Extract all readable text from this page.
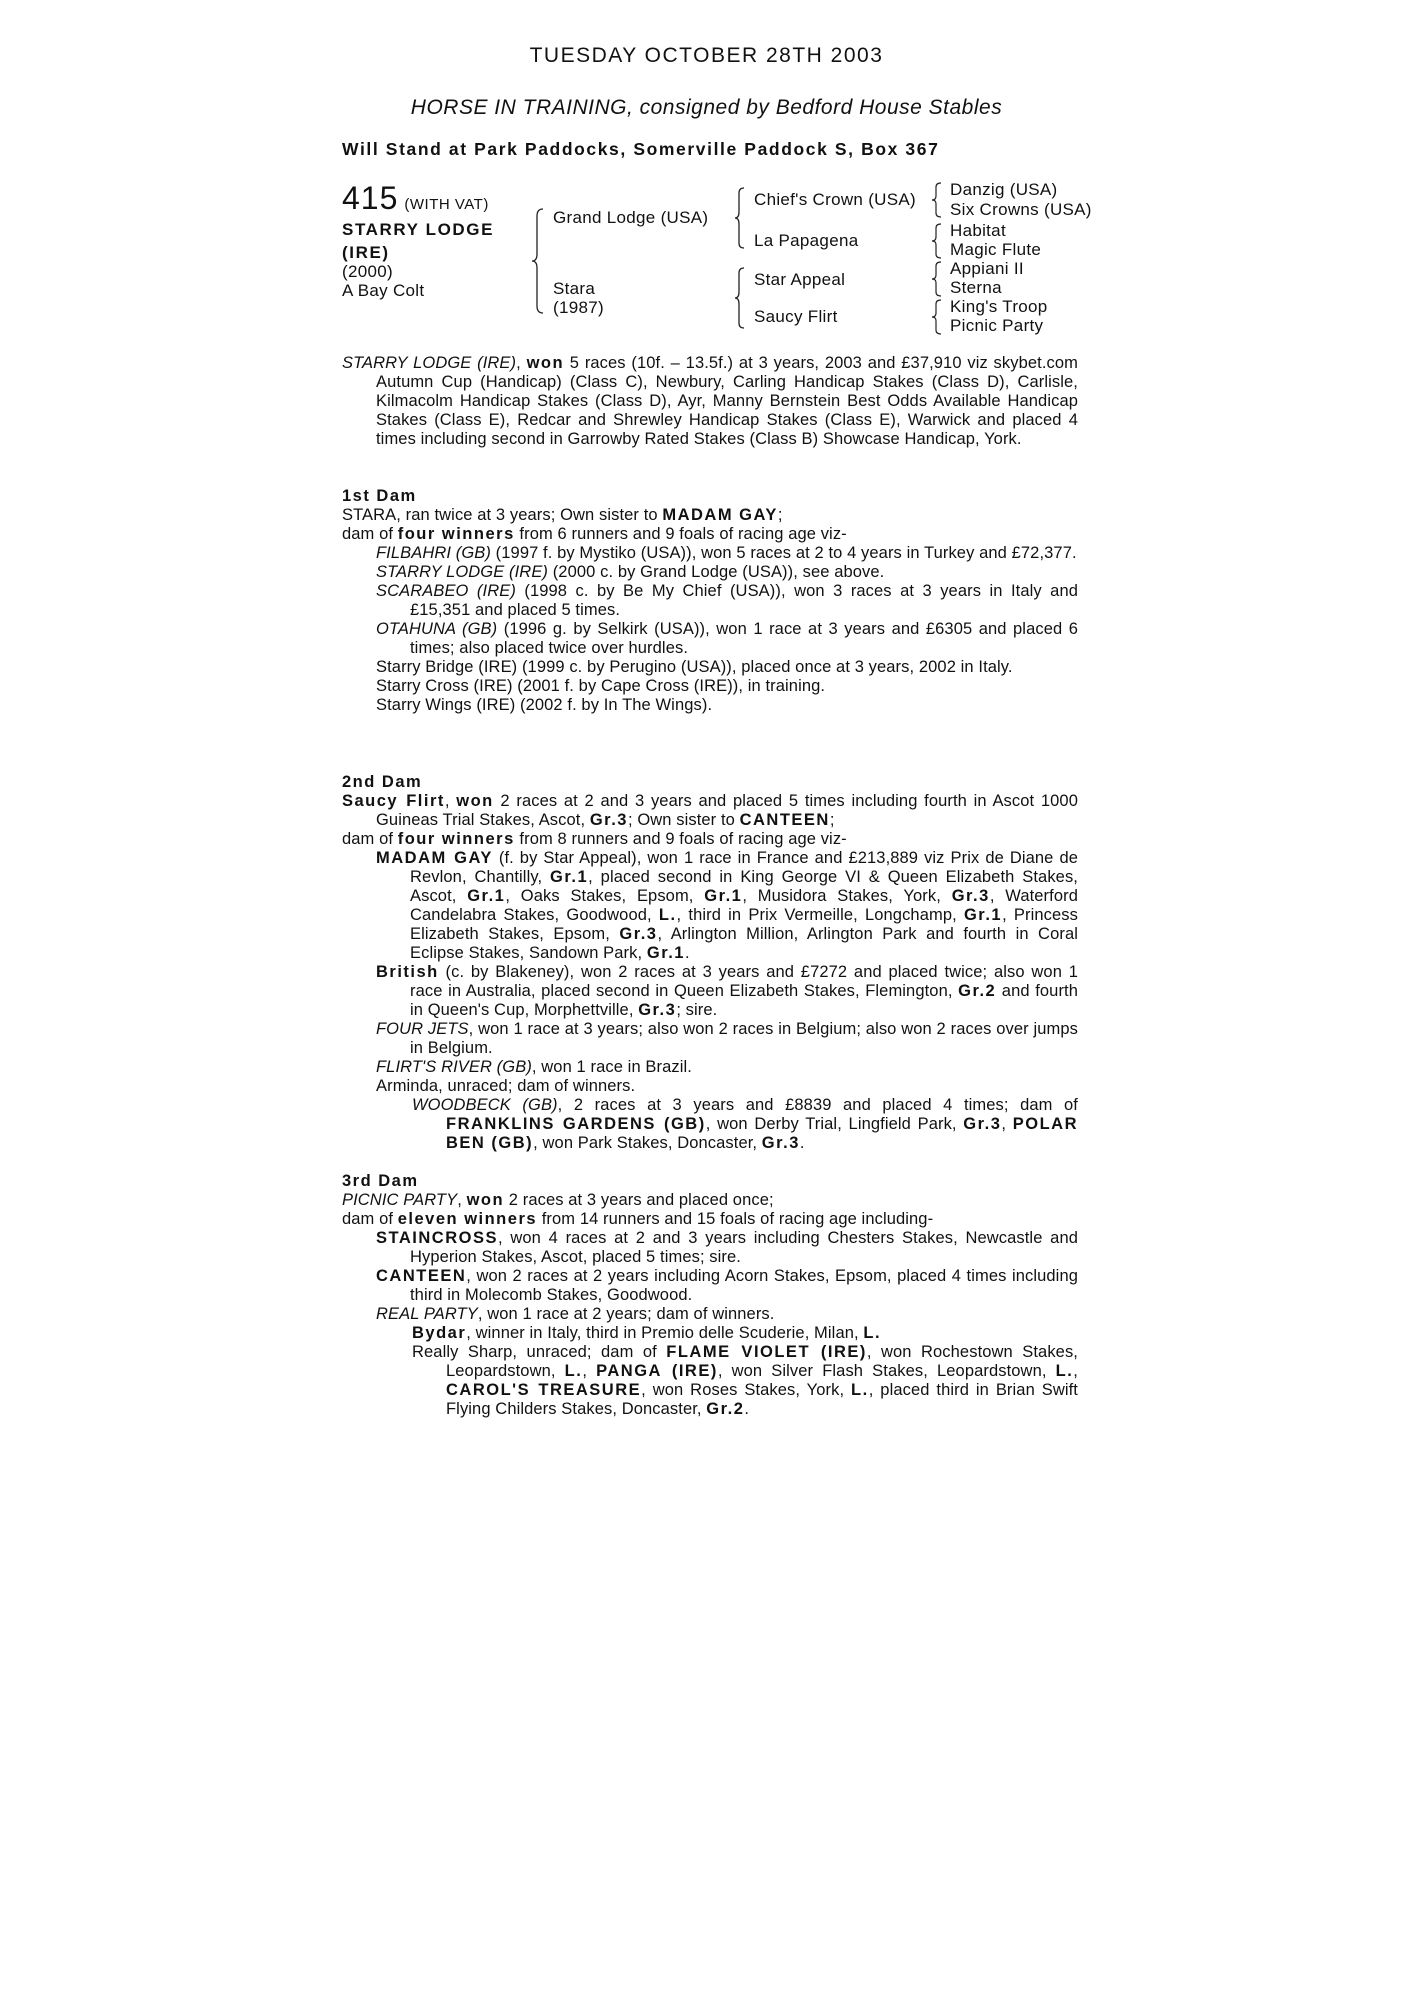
TUESDAY OCTOBER 28TH 2003
HORSE IN TRAINING, consigned by Bedford House Stables
Will Stand at Park Paddocks, Somerville Paddock S, Box 367
415 (WITH VAT)
STARRY LODGE
(IRE)
(2000)
A Bay Colt
Grand Lodge (USA)
Stara
(1987)
Chief's Crown (USA)
La Papagena
Star Appeal
Saucy Flirt
Danzig (USA)
Six Crowns (USA)
Habitat
Magic Flute
Appiani II
Sterna
King's Troop
Picnic Party

STARRY LODGE (IRE), won 5 races (10f. – 13.5f.) at 3 years, 2003 and £37,910 viz skybet.com Autumn Cup (Handicap) (Class C), Newbury, Carling Handicap Stakes (Class D), Carlisle, Kilmacolm Handicap Stakes (Class D), Ayr, Manny Bernstein Best Odds Available Handicap Stakes (Class E), Redcar and Shrewley Handicap Stakes (Class E), Warwick and placed 4 times including second in Garrowby Rated Stakes (Class B) Showcase Handicap, York.

1st Dam

STARA, ran twice at 3 years; Own sister to MADAM GAY;

dam of four winners from 6 runners and 9 foals of racing age viz-

FILBAHRI (GB) (1997 f. by Mystiko (USA)), won 5 races at 2 to 4 years in Turkey and £72,377.

STARRY LODGE (IRE) (2000 c. by Grand Lodge (USA)), see above.

SCARABEO (IRE) (1998 c. by Be My Chief (USA)), won 3 races at 3 years in Italy and £15,351 and placed 5 times.

OTAHUNA (GB) (1996 g. by Selkirk (USA)), won 1 race at 3 years and £6305 and placed 6 times; also placed twice over hurdles.

Starry Bridge (IRE) (1999 c. by Perugino (USA)), placed once at 3 years, 2002 in Italy.

Starry Cross (IRE) (2001 f. by Cape Cross (IRE)), in training.

Starry Wings (IRE) (2002 f. by In The Wings).

2nd Dam

Saucy Flirt, won 2 races at 2 and 3 years and placed 5 times including fourth in Ascot 1000 Guineas Trial Stakes, Ascot, Gr.3; Own sister to CANTEEN;

dam of four winners from 8 runners and 9 foals of racing age viz-

MADAM GAY (f. by Star Appeal), won 1 race in France and £213,889 viz Prix de Diane de Revlon, Chantilly, Gr.1, placed second in King George VI & Queen Elizabeth Stakes, Ascot, Gr.1, Oaks Stakes, Epsom, Gr.1, Musidora Stakes, York, Gr.3, Waterford Candelabra Stakes, Goodwood, L., third in Prix Vermeille, Longchamp, Gr.1, Princess Elizabeth Stakes, Epsom, Gr.3, Arlington Million, Arlington Park and fourth in Coral Eclipse Stakes, Sandown Park, Gr.1.

British (c. by Blakeney), won 2 races at 3 years and £7272 and placed twice; also won 1 race in Australia, placed second in Queen Elizabeth Stakes, Flemington, Gr.2 and fourth in Queen's Cup, Morphettville, Gr.3; sire.

FOUR JETS, won 1 race at 3 years; also won 2 races in Belgium; also won 2 races over jumps in Belgium.

FLIRT'S RIVER (GB), won 1 race in Brazil.

Arminda, unraced; dam of winners.

WOODBECK (GB), 2 races at 3 years and £8839 and placed 4 times; dam of FRANKLINS GARDENS (GB), won Derby Trial, Lingfield Park, Gr.3, POLAR BEN (GB), won Park Stakes, Doncaster, Gr.3.

3rd Dam

PICNIC PARTY, won 2 races at 3 years and placed once;

dam of eleven winners from 14 runners and 15 foals of racing age including-

STAINCROSS, won 4 races at 2 and 3 years including Chesters Stakes, Newcastle and Hyperion Stakes, Ascot, placed 5 times; sire.

CANTEEN, won 2 races at 2 years including Acorn Stakes, Epsom, placed 4 times including third in Molecomb Stakes, Goodwood.

REAL PARTY, won 1 race at 2 years; dam of winners.

Bydar, winner in Italy, third in Premio delle Scuderie, Milan, L.

Really Sharp, unraced; dam of FLAME VIOLET (IRE), won Rochestown Stakes, Leopardstown, L., PANGA (IRE), won Silver Flash Stakes, Leopardstown, L., CAROL'S TREASURE, won Roses Stakes, York, L., placed third in Brian Swift Flying Childers Stakes, Doncaster, Gr.2.
